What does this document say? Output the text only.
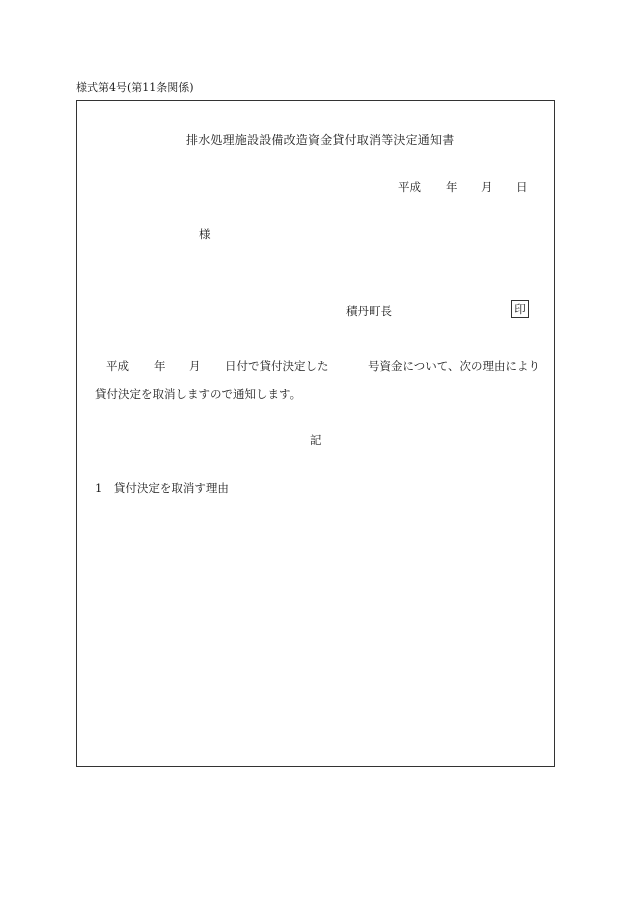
様式第4号(第11条関係)
排水処理施設設備改造資金貸付取消等決定通知書
平成 年 月 日
様
積丹町長	印
平成 年 月 日付で貸付決定した	号資金について、次の理由により
貸付決定を取消しますので通知します。
記
1　貸付決定を取消す理由
